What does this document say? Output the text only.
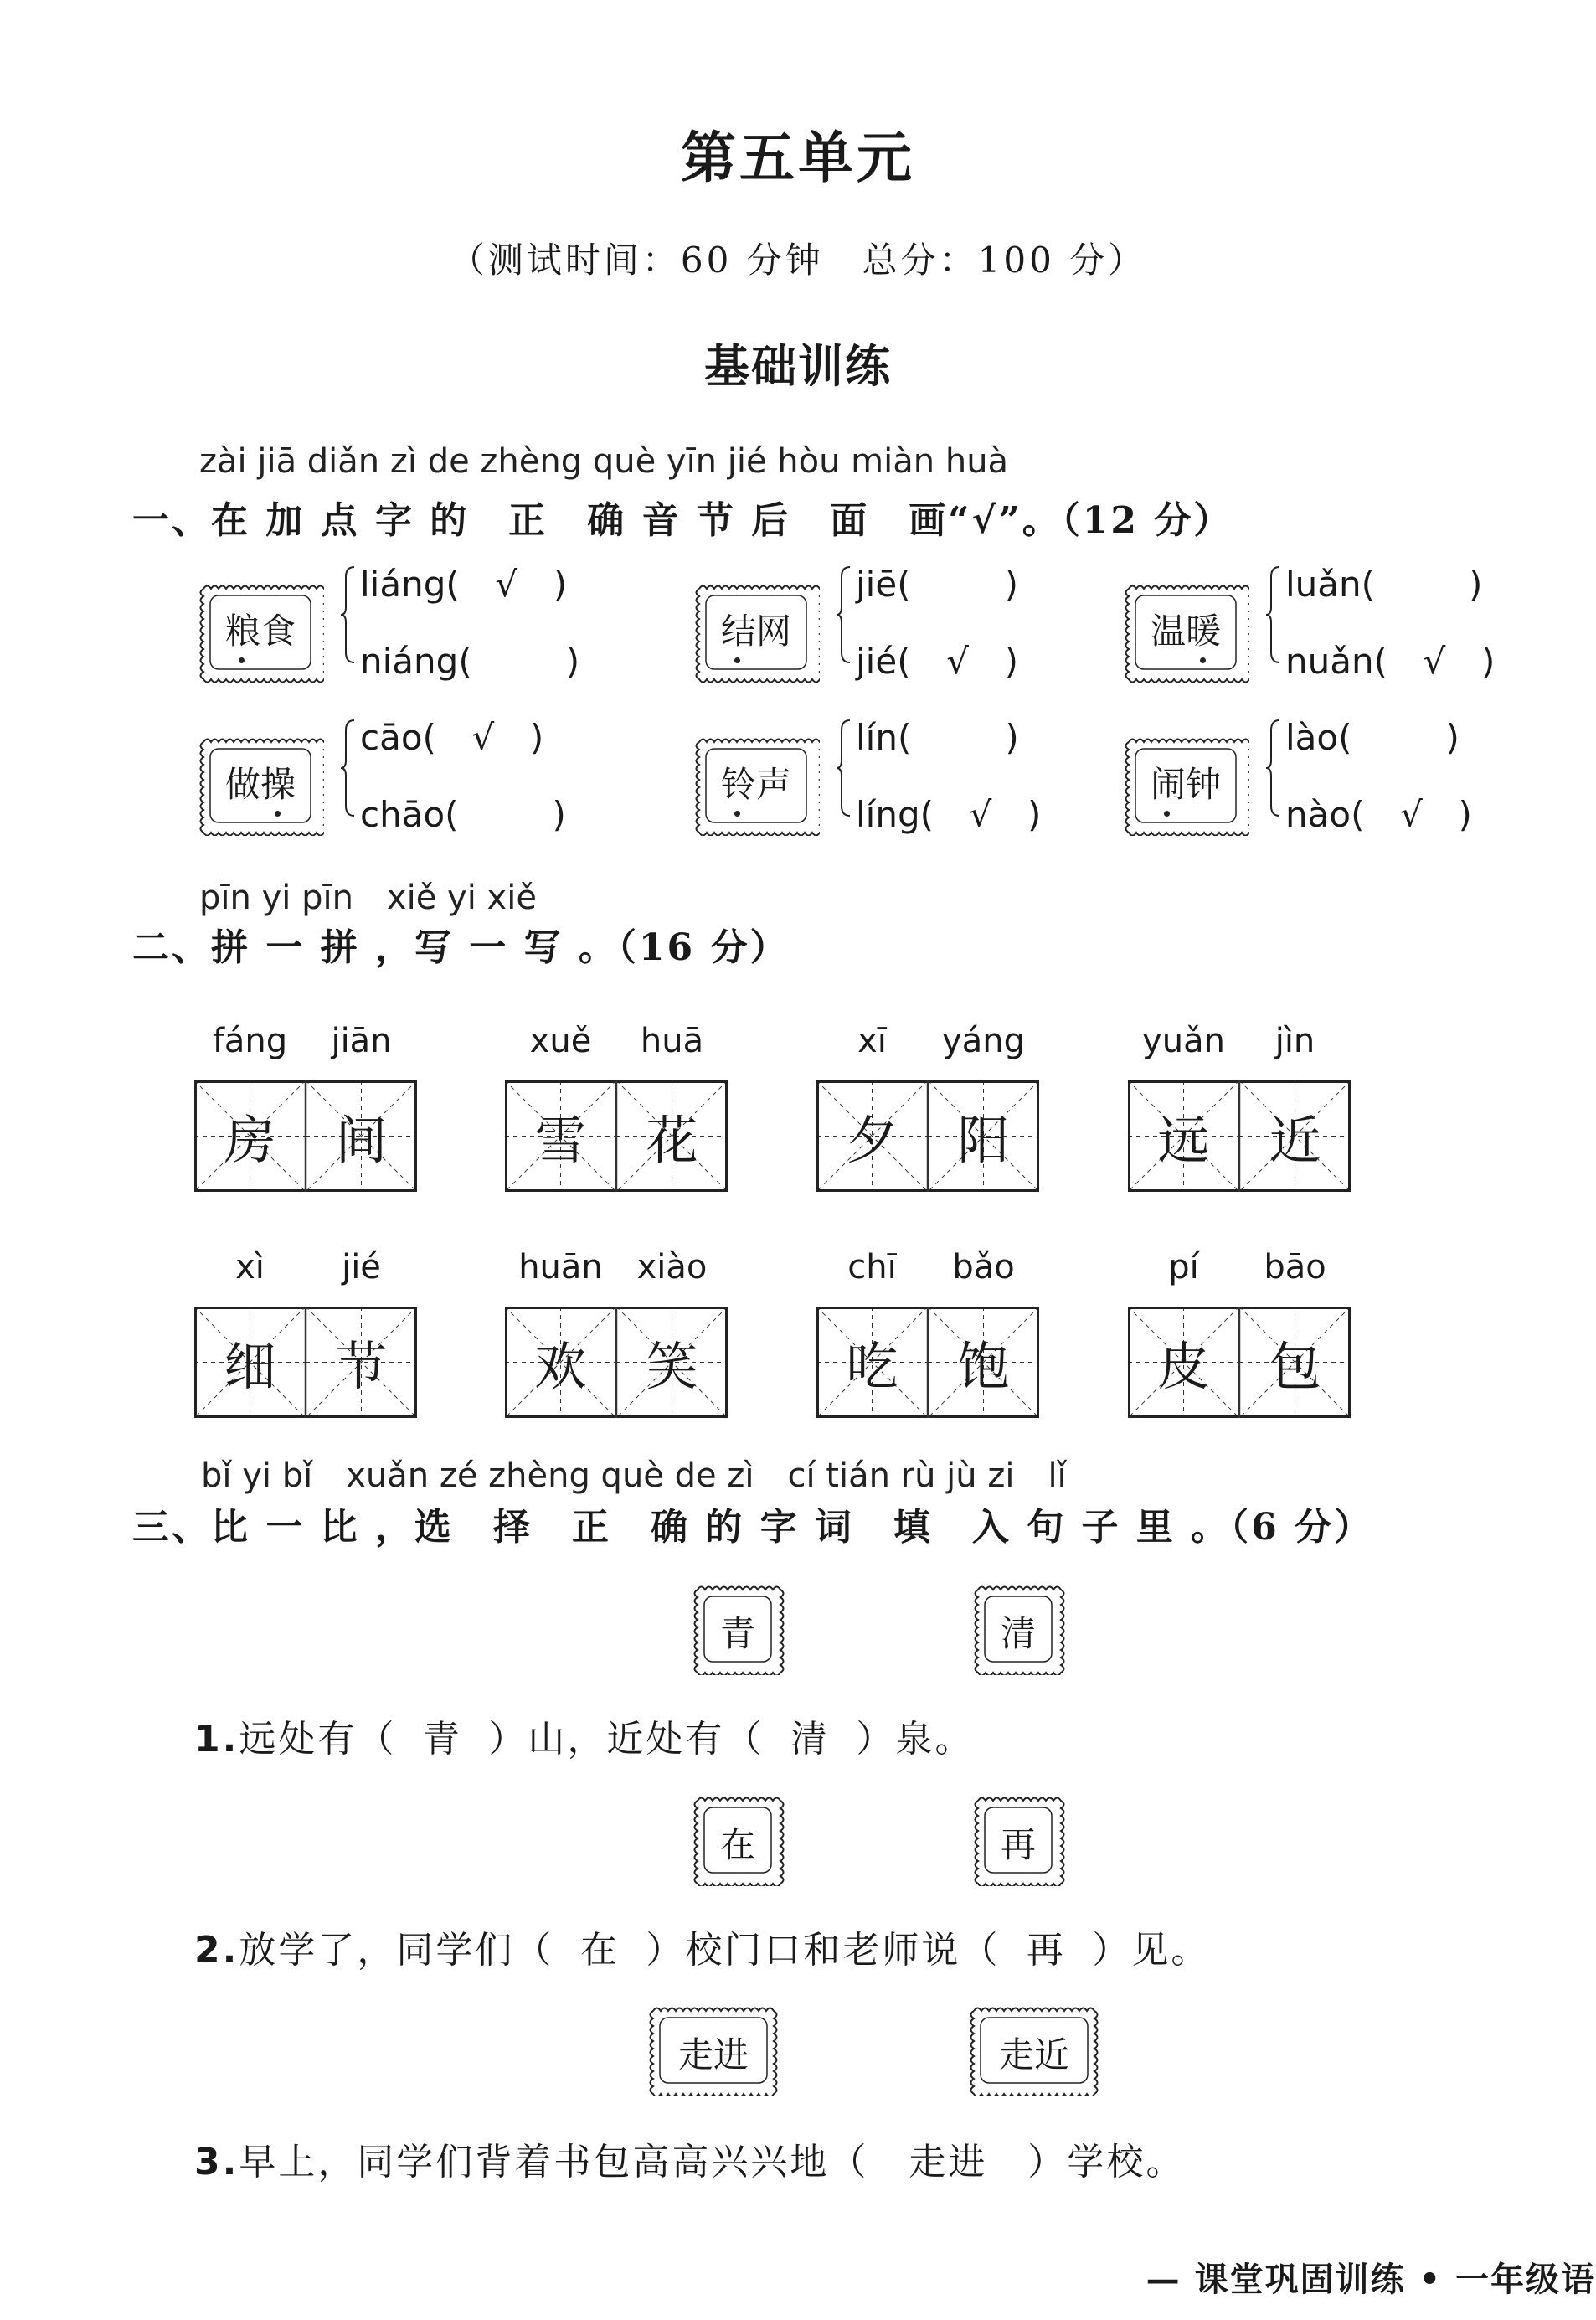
第五单元
（测试时间：60 分钟　总分：100 分）
基础训练
zài jiā diǎn zì de zhèng què yīn jié hòu miàn huà
一、在 加 点 字 的　正　确 音 节 后　面　画“√”。（12 分）
粮食
liáng( √ )
niáng(	)
结网
jiē(	)
jié( √ )
温暖
luǎn(	)
nuǎn( √ )
做操
cāo( √ )
chāo(	)
铃声
lín(	)
líng( √ )
闹钟
lào(	)
nào( √ )
pīn yi pīn　xiě yi xiě
二、拼 一 拼 ，写 一 写 。（16 分）
fáng	jiān
房	间
xuě	huā
雪	花
xī	yáng
夕	阳
yuǎn	jìn
远	近
xì	jié
细	节
huān	xiào
欢	笑
chī	bǎo
吃	饱
pí	bāo
皮	包
bǐ yi bǐ　xuǎn zé zhèng què de zì　cí tián rù jù zi　lǐ
三、比 一 比 ，选　择　正　确 的 字 词　填　入 句 子 里 。（6 分）
青	清
1.远处有（ 青 ）山，近处有（ 清 ）泉。
在	再
2.放学了，同学们（ 在 ）校门口和老师说（ 再 ）见。
走进	走近
3.早上，同学们背着书包高高兴兴地（ 走进 ）学校。
— 课堂巩固训练 • 一年级语
